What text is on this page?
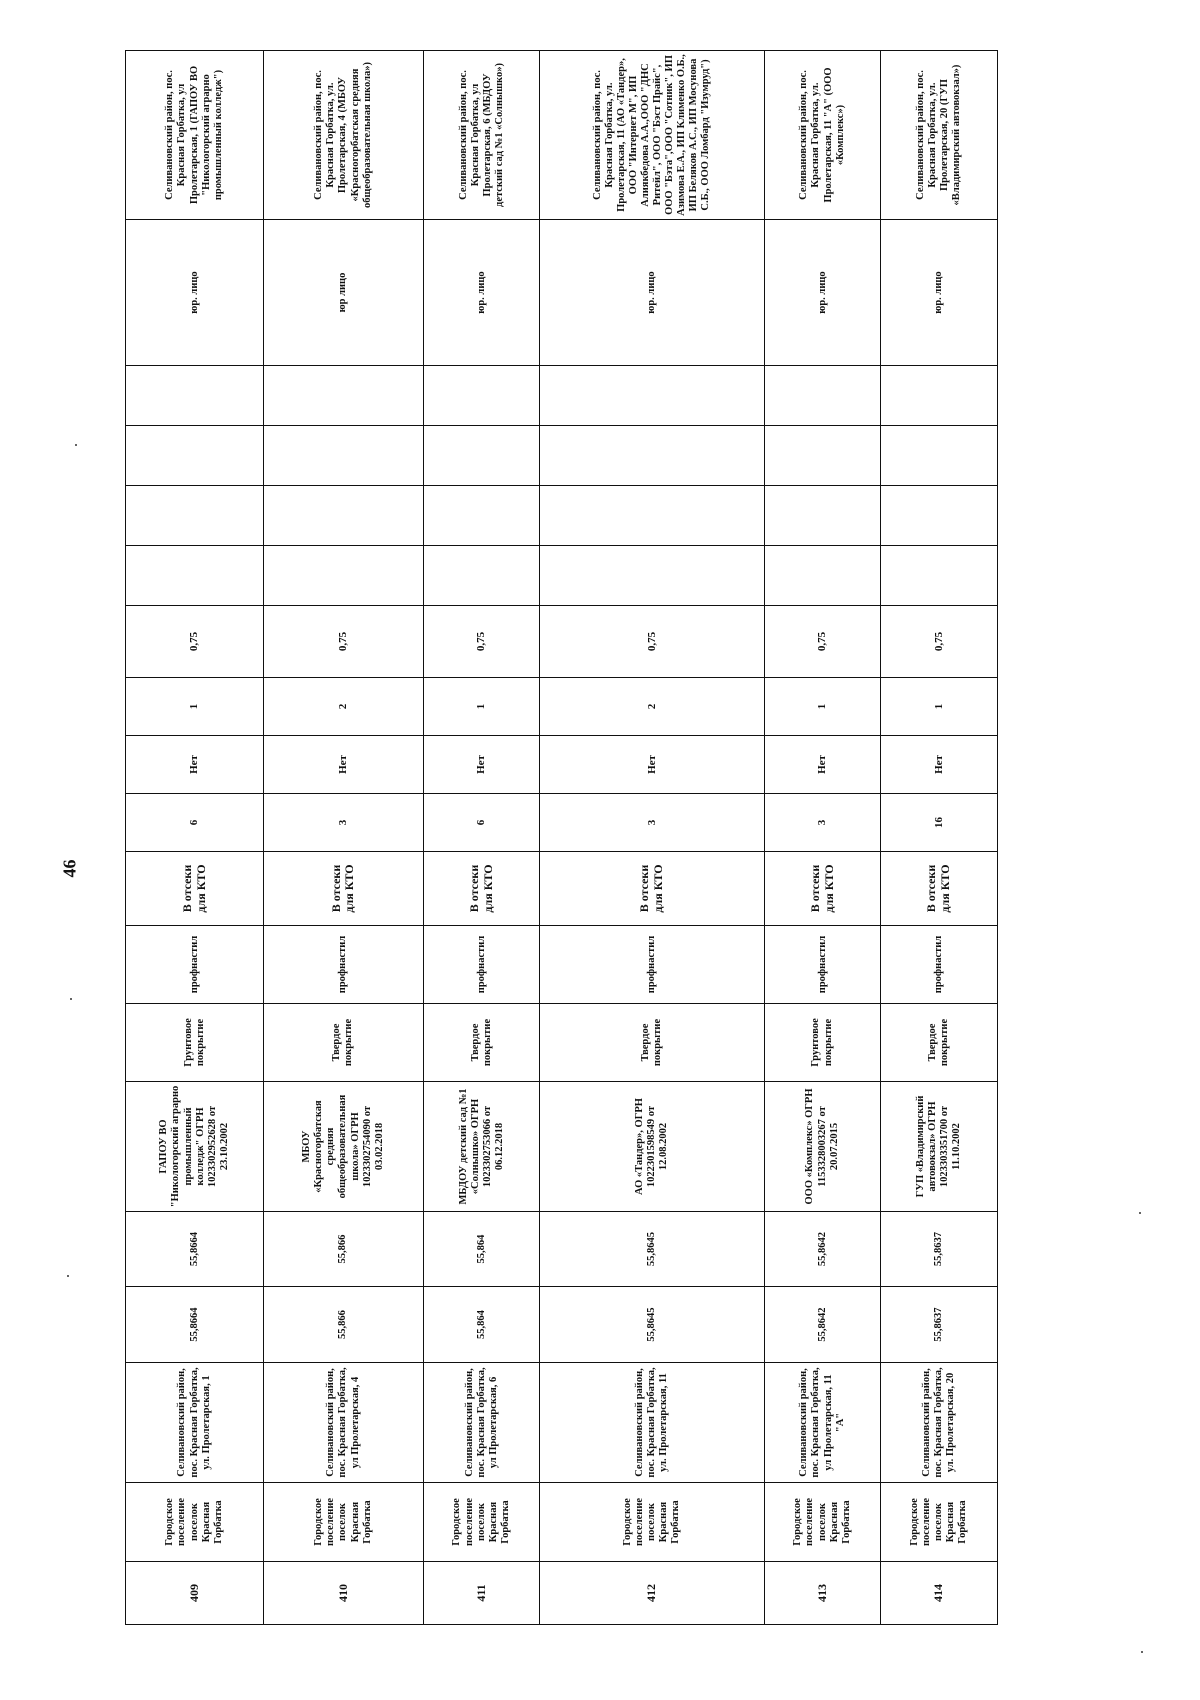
46
409	Городское поселение поселок Красная Горбатка	Селивановский район, пос. Красная Горбатка, ул. Пролетарская, 1	55,8664	55,8664	ГАПОУ ВО "Никологорский аграрно промышленный колледж" ОГРН 1023302952628 от 23.10.2002	Грунтовое покрытие	профнастил	В отсеки для КТО	6	Нет	1	0,75					юр. лицо	Селивановский район, пос. Красная Горбатка, ул Пролетарская, 1 (ГАПОУ ВО "Никологорский аграрно промышленный колледж")
410	Городское поселение поселок Красная Горбатка	Селивановский район, пос. Красная Горбатка, ул Пролетарская, 4	55,866	55,866	МБОУ «Красногорбатская средняя общеобразовательная школа» ОГРН 1023302754090 от 03.02.2018	Твердое покрытие	профнастил	В отсеки для КТО	3	Нет	2	0,75					юр лицо	Селивановский район, пос. Красная Горбатка, ул. Пролетарская, 4 (МБОУ «Красногорбатская средняя общеобразовательная школа»)
411	Городское поселение поселок Красная Горбатка	Селивановский район, пос. Красная Горбатка, ул Пролетарская, 6	55,864	55,864	МБДОУ детский сад №1 «Солнышко» ОГРН 1023302753066 от 06.12.2018	Твердое покрытие	профнастил	В отсеки для КТО	6	Нет	1	0,75					юр. лицо	Селивановский район, пос. Красная Горбатка, ул Пролетарская, 6 (МБДОУ детский сад №1 «Солнышко»)
412	Городское поселение поселок Красная Горбатка	Селивановский район, пос. Красная Горбатка, ул. Пролетарская, 11	55,8645	55,8645	АО «Тандер», ОГРН 1022301598549 от 12.08.2002	Твердое покрытие	профнастил	В отсеки для КТО	3	Нет	2	0,75					юр. лицо	Селивановский район, пос. Красная Горбатка, ул. Пролетарская, 11 (АО «Тандер», ООО "Интернет М", ИП Алиякбедова А.А.,ООО "ДНС Ритейл", ООО "Бэст Прайс", ООО "Бэта",ООО "Сотник", ИП Азимова Е.А., ИП Клименко О.Б., ИП Беляков А.С., ИП Мосунова С.Б., ООО Ломбард "Изумруд")
413	Городское поселение поселок Красная Горбатка	Селивановский район, пос. Красная Горбатка, ул Пролетарская, 11 "А"	55,8642	55,8642	ООО «Комплекс» ОГРН 1153328003267 от 20.07.2015	Грунтовое покрытие	профнастил	В отсеки для КТО	3	Нет	1	0,75					юр. лицо	Селивановский район, пос. Красная Горбатка, ул. Пролетарская, 11 "А" (ООО «Комплекс»)
414	Городское поселение поселок Красная Горбатка	Селивановский район, пос. Красная Горбатка, ул. Пролетарская, 20	55,8637	55,8637	ГУП «Владимирский автовокзал» ОГРН 1023303351700 от 11.10.2002	Твердое покрытие	профнастил	В отсеки для КТО	16	Нет	1	0,75					юр. лицо	Селивановский район, пос. Красная Горбатка, ул. Пролетарская, 20 (ГУП «Владимирский автовокзал»)
